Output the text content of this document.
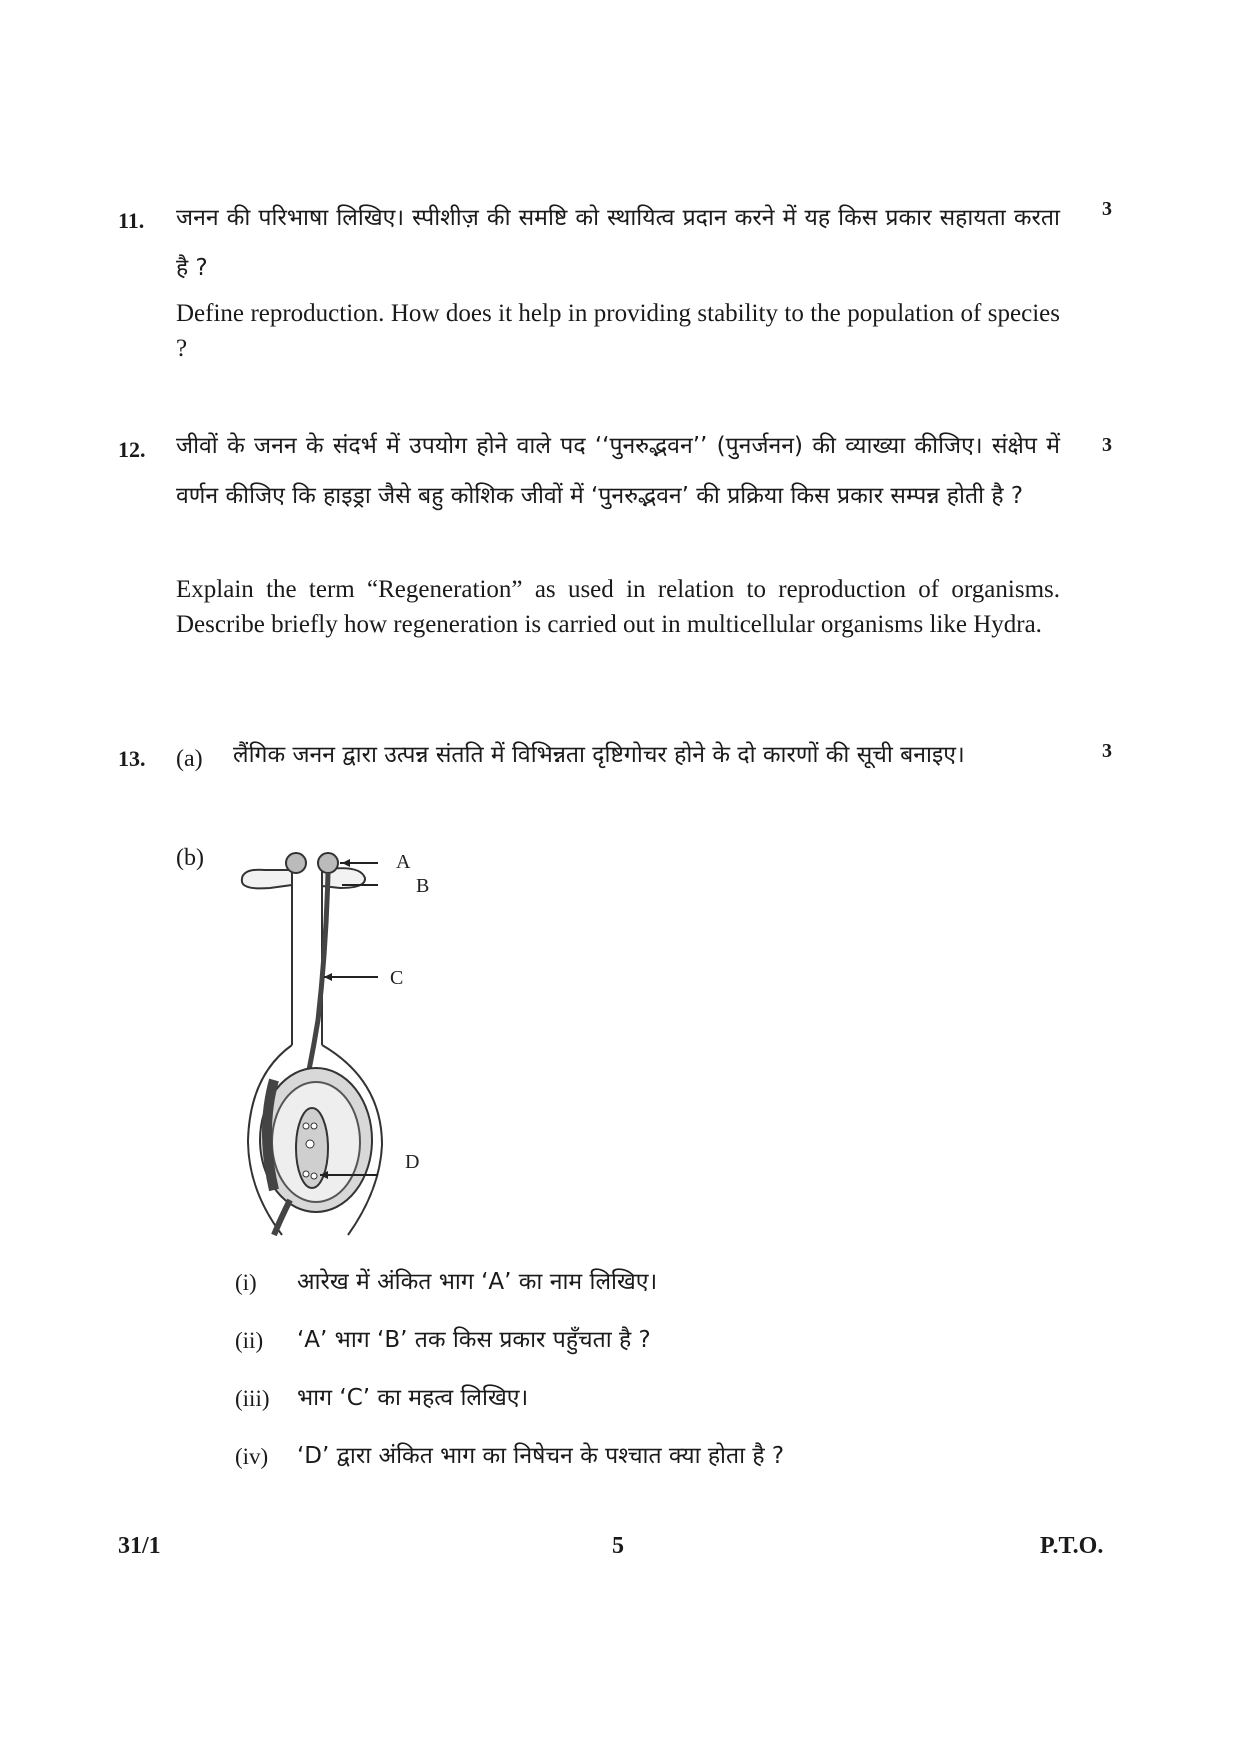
11.	3
जनन की परिभाषा लिखिए। स्पीशीज़ की समष्टि को स्थायित्व प्रदान करने में यह किस प्रकार सहायता करता है ?
Define reproduction. How does it help in providing stability to the population of species ?
12.	3
जीवों के जनन के संदर्भ में उपयोग होने वाले पद ‘‘पुनरुद्भवन’’ (पुनर्जनन) की व्याख्या कीजिए। संक्षेप में वर्णन कीजिए कि हाइड्रा जैसे बहु कोशिक जीवों में ‘पुनरुद्भवन’ की प्रक्रिया किस प्रकार सम्पन्न होती है ?
Explain the term “Regeneration” as used in relation to reproduction of organisms. Describe briefly how regeneration is carried out in multicellular organisms like Hydra.
13.	3
(a) लैंगिक जनन द्वारा उत्पन्न संतति में विभिन्नता दृष्टिगोचर होने के दो कारणों की सूची बनाइए।
(b)	A
B
C
D
(i) आरेख में अंकित भाग ‘A’ का नाम लिखिए।
(ii) ‘A’ भाग ‘B’ तक किस प्रकार पहुँचता है ?
(iii) भाग ‘C’ का महत्व लिखिए।
(iv) ‘D’ द्वारा अंकित भाग का निषेचन के पश्चात क्या होता है ?
31/1	5	P.T.O.
